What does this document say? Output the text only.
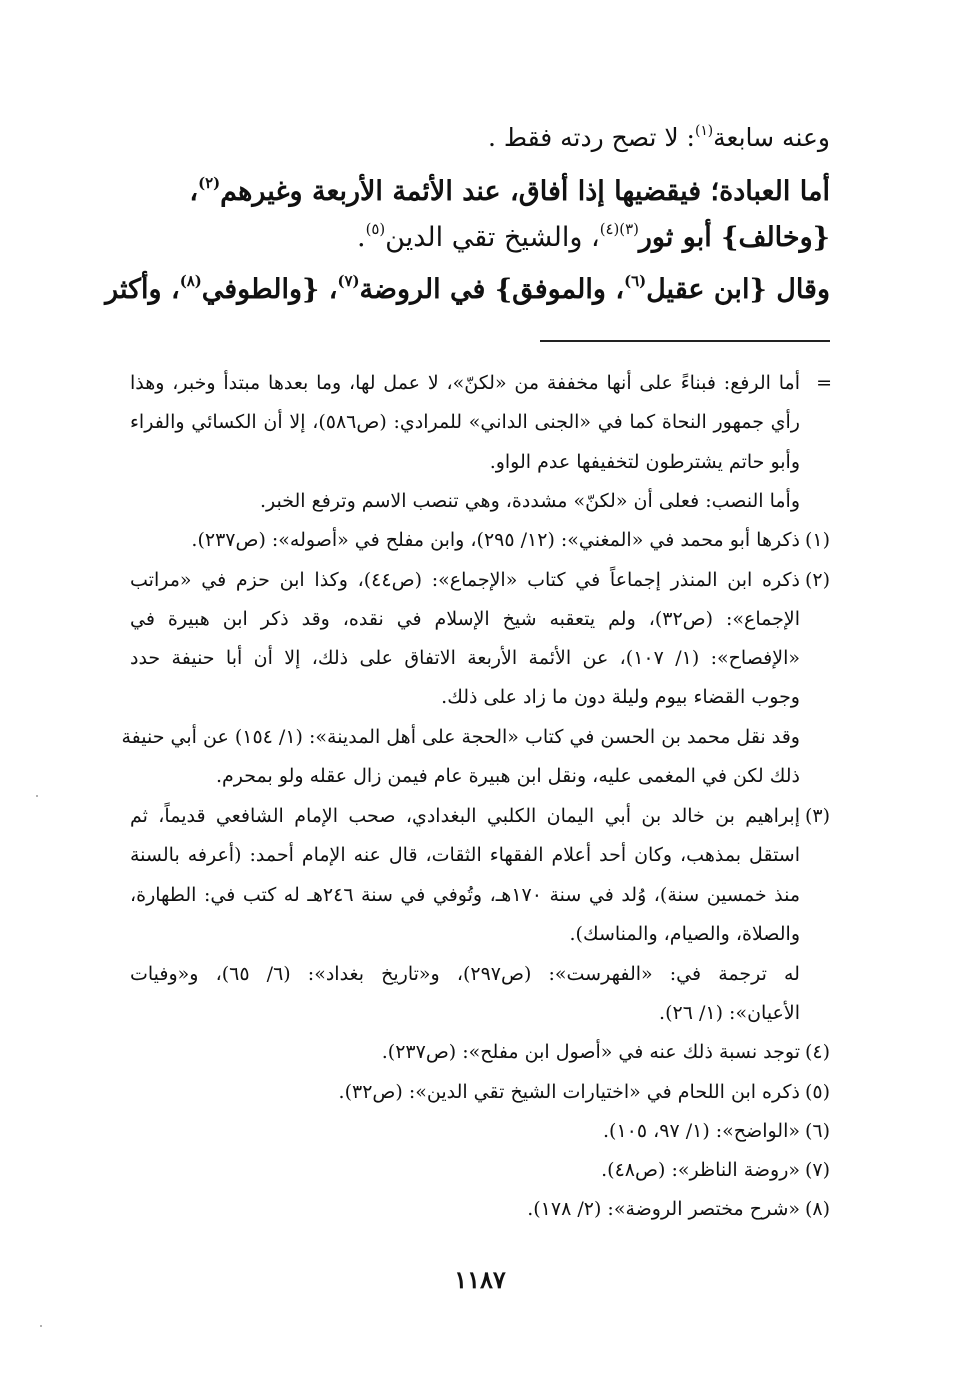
وعنه سابعة$^{(١)}$: لا تصح ردته فقط .
أما العبادة؛ فيقضيها إذا أفاق، عند الأئمة الأربعة وغيرهم$^{(٢)}$،
{وخالف} أبو ثور$^{(٣)(٤)}$، والشيخ تقي الدين$^{(٥)}$.
وقال {ابن عقيل$^{(٦)}$، والموفق} في الروضة$^{(٧)}$، {والطوفي$^{(٨)}$، وأكثر
=
أما الرفع: فبناءً على أنها مخففة من «لكنّ»، لا عمل لها، وما بعدها مبتدأ وخبر، وهذا
رأي جمهور النحاة كما في «الجنى الداني» للمرادي: (ص٥٨٦)، إلا أن الكسائي والفراء
وأبو حاتم يشترطون لتخفيفها عدم الواو.
وأما النصب: فعلى أن «لكنّ» مشددة، وهي تنصب الاسم وترفع الخبر.
(١)
ذكرها أبو محمد في «المغني»: (١٢/ ٢٩٥)، وابن مفلح في «أصوله»: (ص٢٣٧).
(٢)
ذكره ابن المنذر إجماعاً في كتاب «الإجماع»: (ص٤٤)، وكذا ابن حزم في «مراتب
الإجماع»: (ص٣٢)، ولم يتعقبه شيخ الإسلام في نقده، وقد ذكر ابن هبيرة في
«الإفصاح»: (١/ ١٠٧)، عن الأئمة الأربعة الاتفاق على ذلك، إلا أن أبا حنيفة حدد
وجوب القضاء بيوم وليلة دون ما زاد على ذلك.
وقد نقل محمد بن الحسن في كتاب «الحجة على أهل المدينة»: (١/ ١٥٤) عن أبي حنيفة
ذلك لكن في المغمى عليه، ونقل ابن هبيرة عام فيمن زال عقله ولو بمحرم.
(٣)
إبراهيم بن خالد بن أبي اليمان الكلبي البغدادي، صحب الإمام الشافعي قديماً، ثم
استقل بمذهب، وكان أحد أعلام الفقهاء الثقات، قال عنه الإمام أحمد: (أعرفه بالسنة
منذ خمسين سنة)، وُلد في سنة ١٧٠هـ، وتُوفي في سنة ٢٤٦هـ له كتب في: الطهارة،
والصلاة، والصيام، والمناسك).
له ترجمة في: «الفهرست»: (ص٢٩٧)، و«تاريخ بغداد»: (٦/ ٦٥)، و«وفيات
الأعيان»: (١/ ٢٦).
(٤)
توجد نسبة ذلك عنه في «أصول ابن مفلح»: (ص٢٣٧).
(٥)
ذكره ابن اللحام في «اختيارات الشيخ تقي الدين»: (ص٣٢).
(٦)
«الواضح»: (١/ ٩٧، ١٠٥).
(٧)
«روضة الناظر»: (ص٤٨).
(٨)
«شرح مختصر الروضة»: (٢/ ١٧٨).
١١٨٧
